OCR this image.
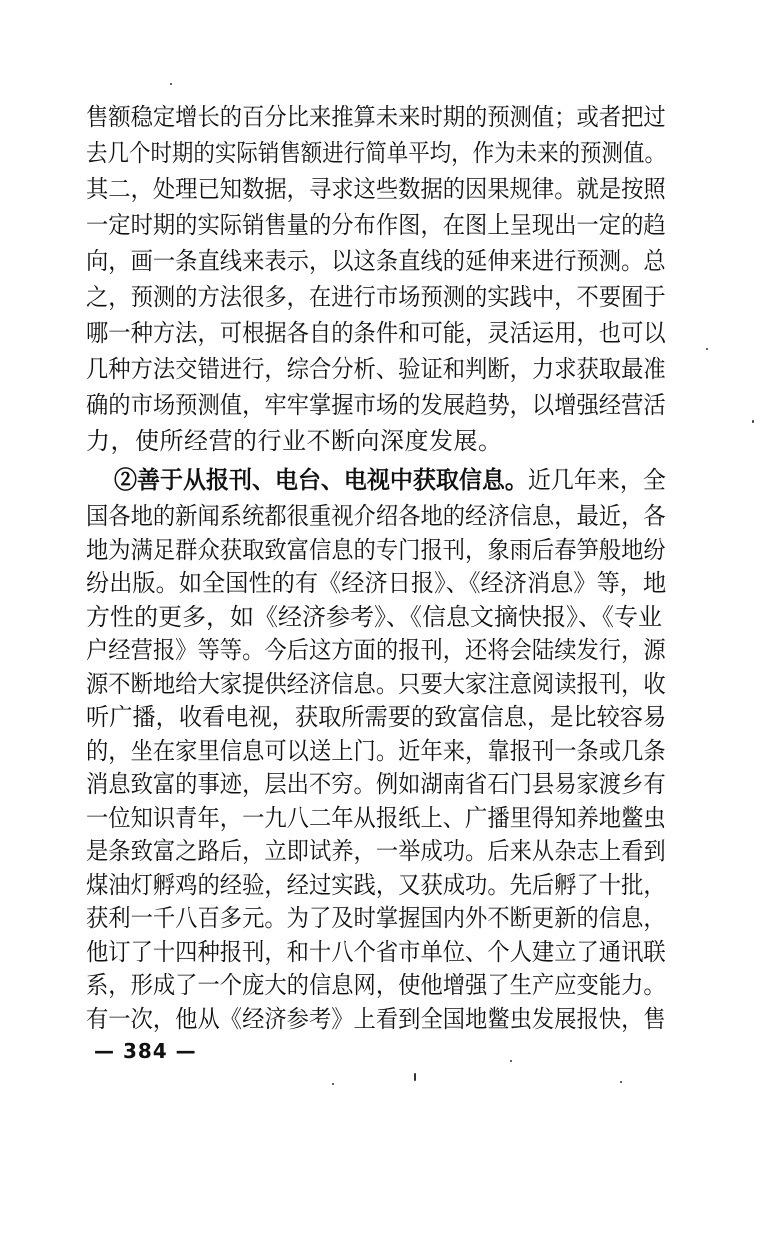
售额稳定增长的百分比来推算未来时期的预测值；或者把过
去几个时期的实际销售额进行简单平均，作为未来的预测值。
其二，处理已知数据，寻求这些数据的因果规律。就是按照
一定时期的实际销售量的分布作图，在图上呈现出一定的趋
向，画一条直线来表示，以这条直线的延伸来进行预测。总
之，预测的方法很多，在进行市场预测的实践中，不要囿于
哪一种方法，可根据各自的条件和可能，灵活运用，也可以
几种方法交错进行，综合分析、验证和判断，力求获取最准
确的市场预测值，牢牢掌握市场的发展趋势，以增强经营活
力，使所经营的行业不断向深度发展。
②善于从报刊、电台、电视中获取信息。近几年来，全
国各地的新闻系统都很重视介绍各地的经济信息，最近，各
地为满足群众获取致富信息的专门报刊，象雨后春笋般地纷
纷出版。如全国性的有《经济日报》、《经济消息》等，地
方性的更多，如《经济参考》、《信息文摘快报》、《专业
户经营报》等等。今后这方面的报刊，还将会陆续发行，源
源不断地给大家提供经济信息。只要大家注意阅读报刊，收
听广播，收看电视，获取所需要的致富信息，是比较容易
的，坐在家里信息可以送上门。近年来，靠报刊一条或几条
消息致富的事迹，层出不穷。例如湖南省石门县易家渡乡有
一位知识青年，一九八二年从报纸上、广播里得知养地鳖虫
是条致富之路后，立即试养，一举成功。后来从杂志上看到
煤油灯孵鸡的经验，经过实践，又获成功。先后孵了十批，
获利一千八百多元。为了及时掌握国内外不断更新的信息，
他订了十四种报刊，和十八个省市单位、个人建立了通讯联
系，形成了一个庞大的信息网，使他增强了生产应变能力。
有一次，他从《经济参考》上看到全国地鳖虫发展报快，售
— 384 —
